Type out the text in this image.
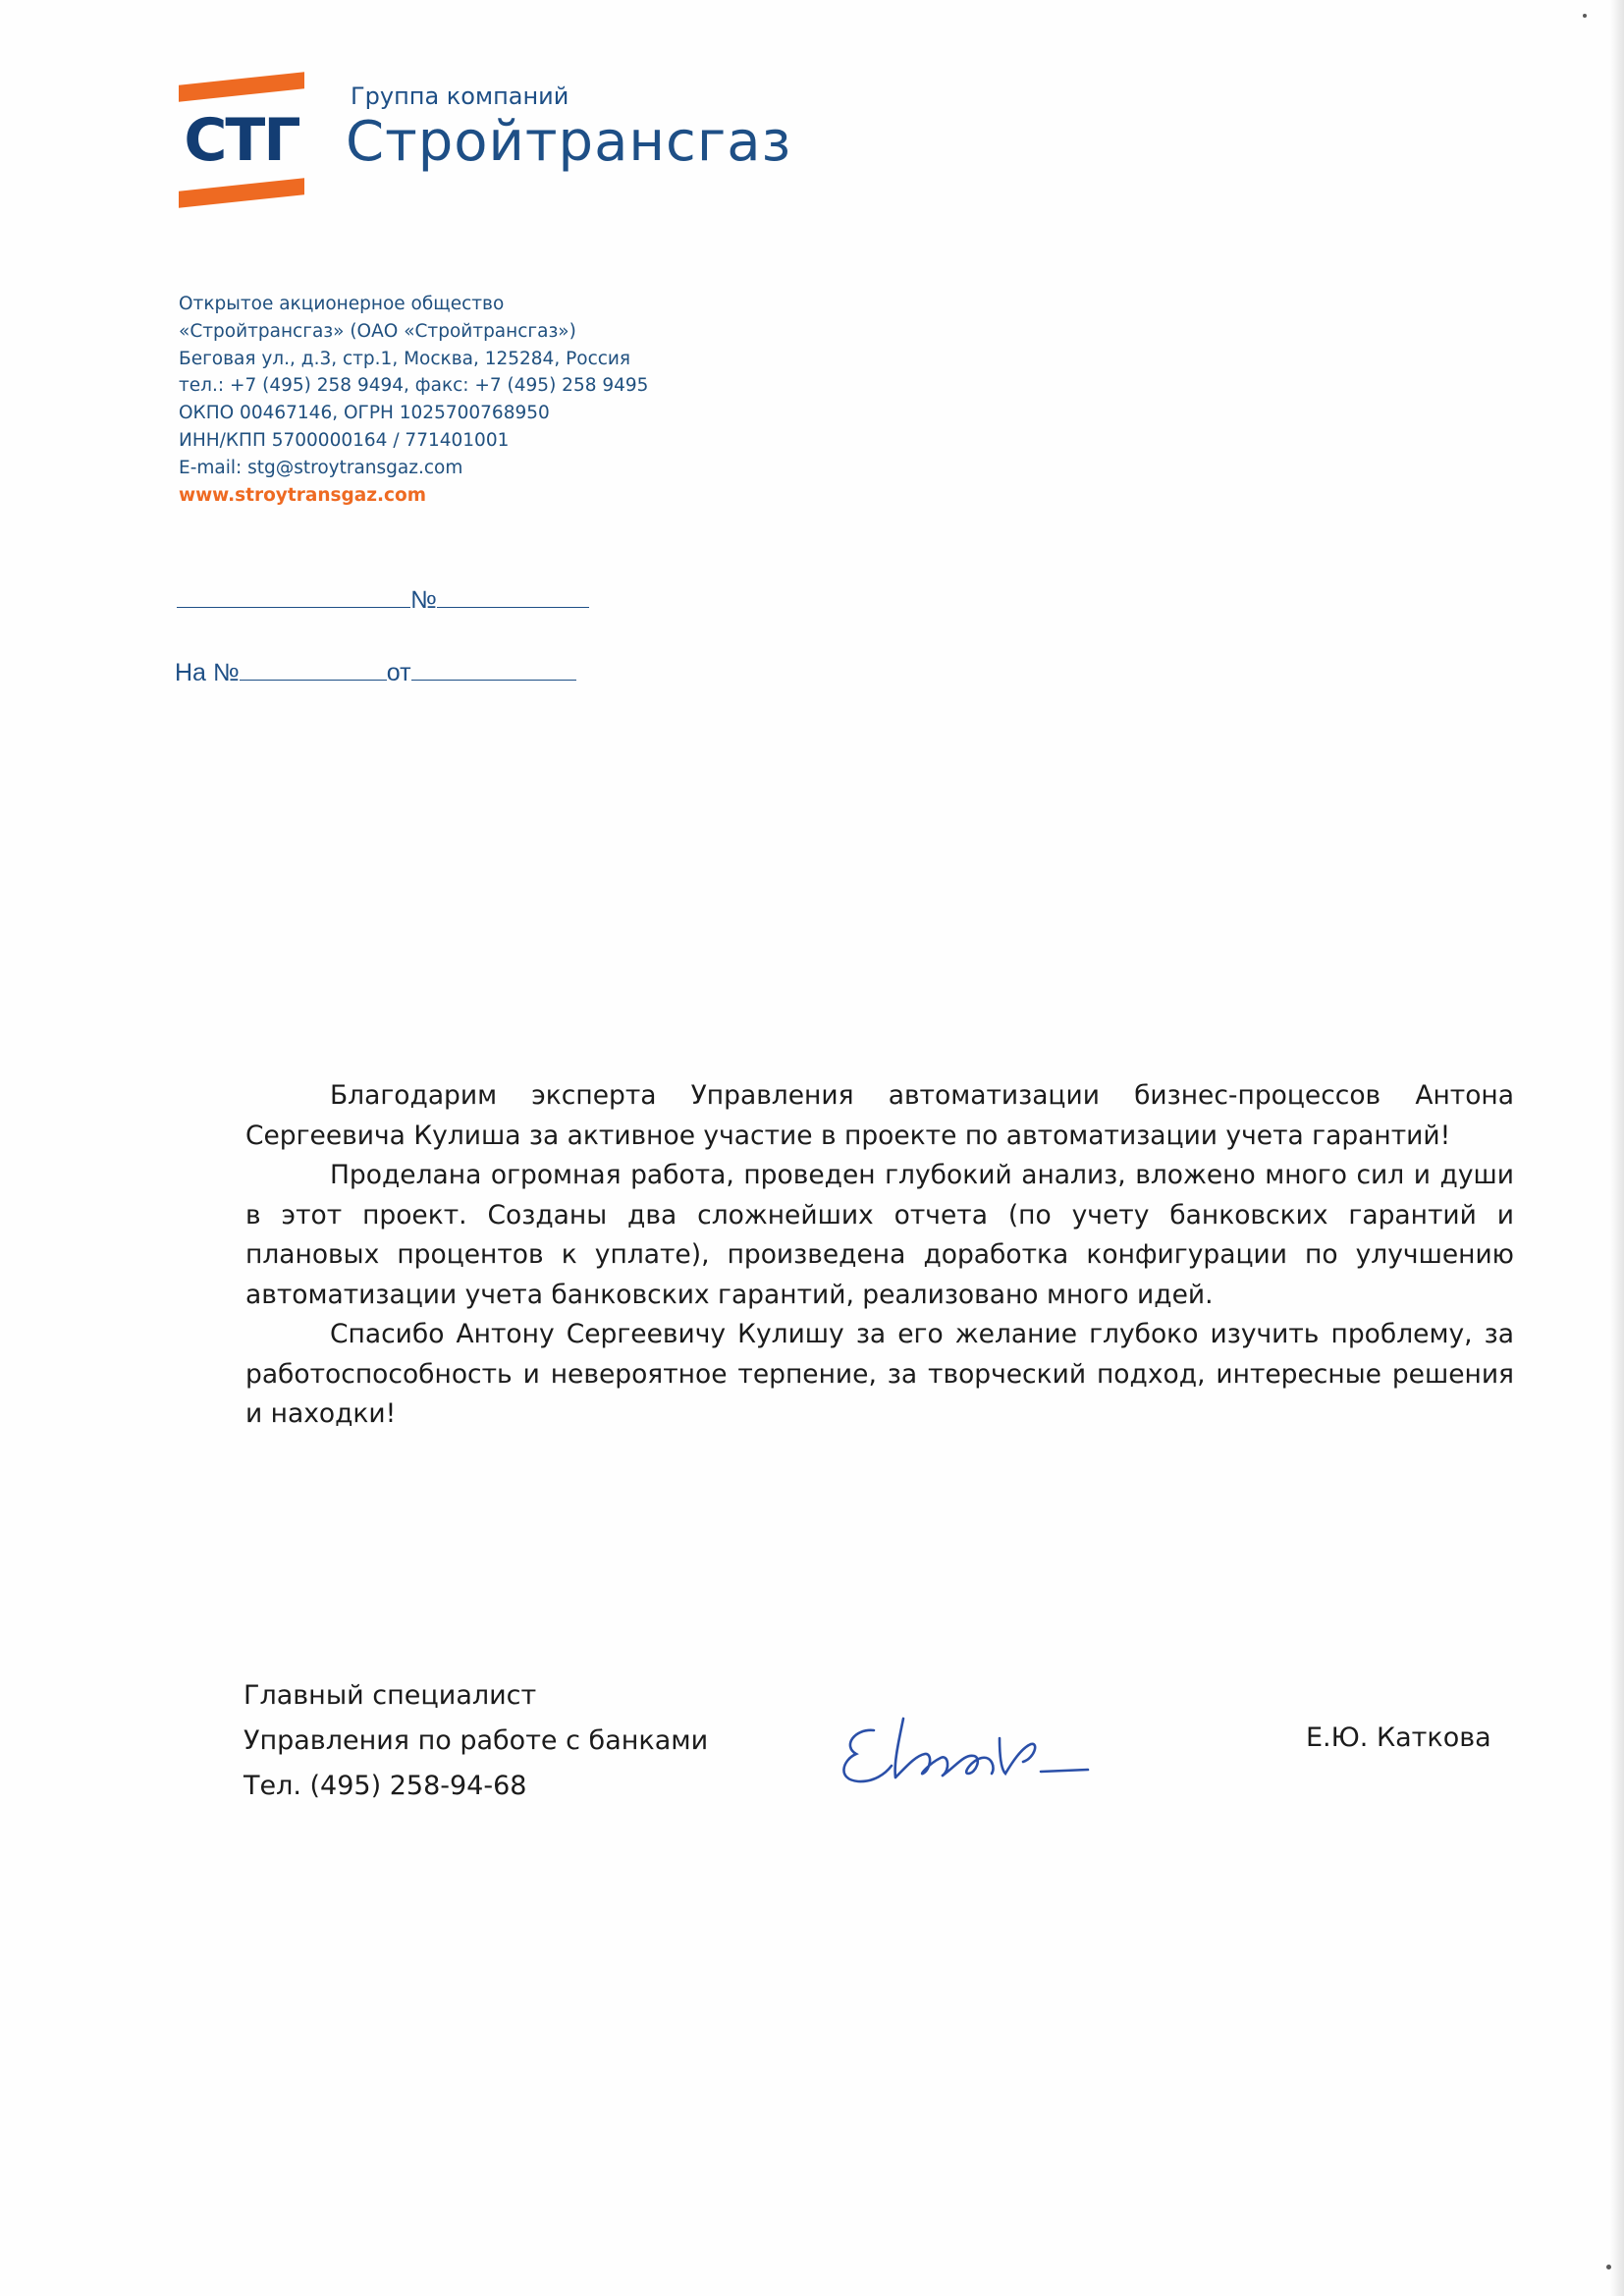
СТГ
Группа компаний
Стройтрансгаз
Открытое акционерное общество
«Стройтрансгаз» (ОАО «Стройтрансгаз»)
Беговая ул., д.3, стр.1, Москва, 125284, Россия
тел.: +7 (495) 258 9494, факс: +7 (495) 258 9495
ОКПО 00467146, ОГРН 1025700768950
ИНН/КПП 5700000164 / 771401001
E-mail: stg@stroytransgaz.com
www.stroytransgaz.com
№
На №	от

Благодарим эксперта Управления автоматизации бизнес-процессов Антона Сергеевича Кулиша за активное участие в проекте по автоматизации учета гарантий!

Проделана огромная работа, проведен глубокий анализ, вложено много сил и души в этот проект. Созданы два сложнейших отчета (по учету банковских гарантий и плановых процентов к уплате), произведена доработка конфигурации по улучшению автоматизации учета банковских гарантий, реализовано много идей.

Спасибо Антону Сергеевичу Кулишу за его желание глубоко изучить проблему, за работоспособность и невероятное терпение, за творческий подход, интересные решения и находки!

Главный специалист
Управления по работе с банками
Тел. (495) 258-94-68
Е.Ю. Каткова
